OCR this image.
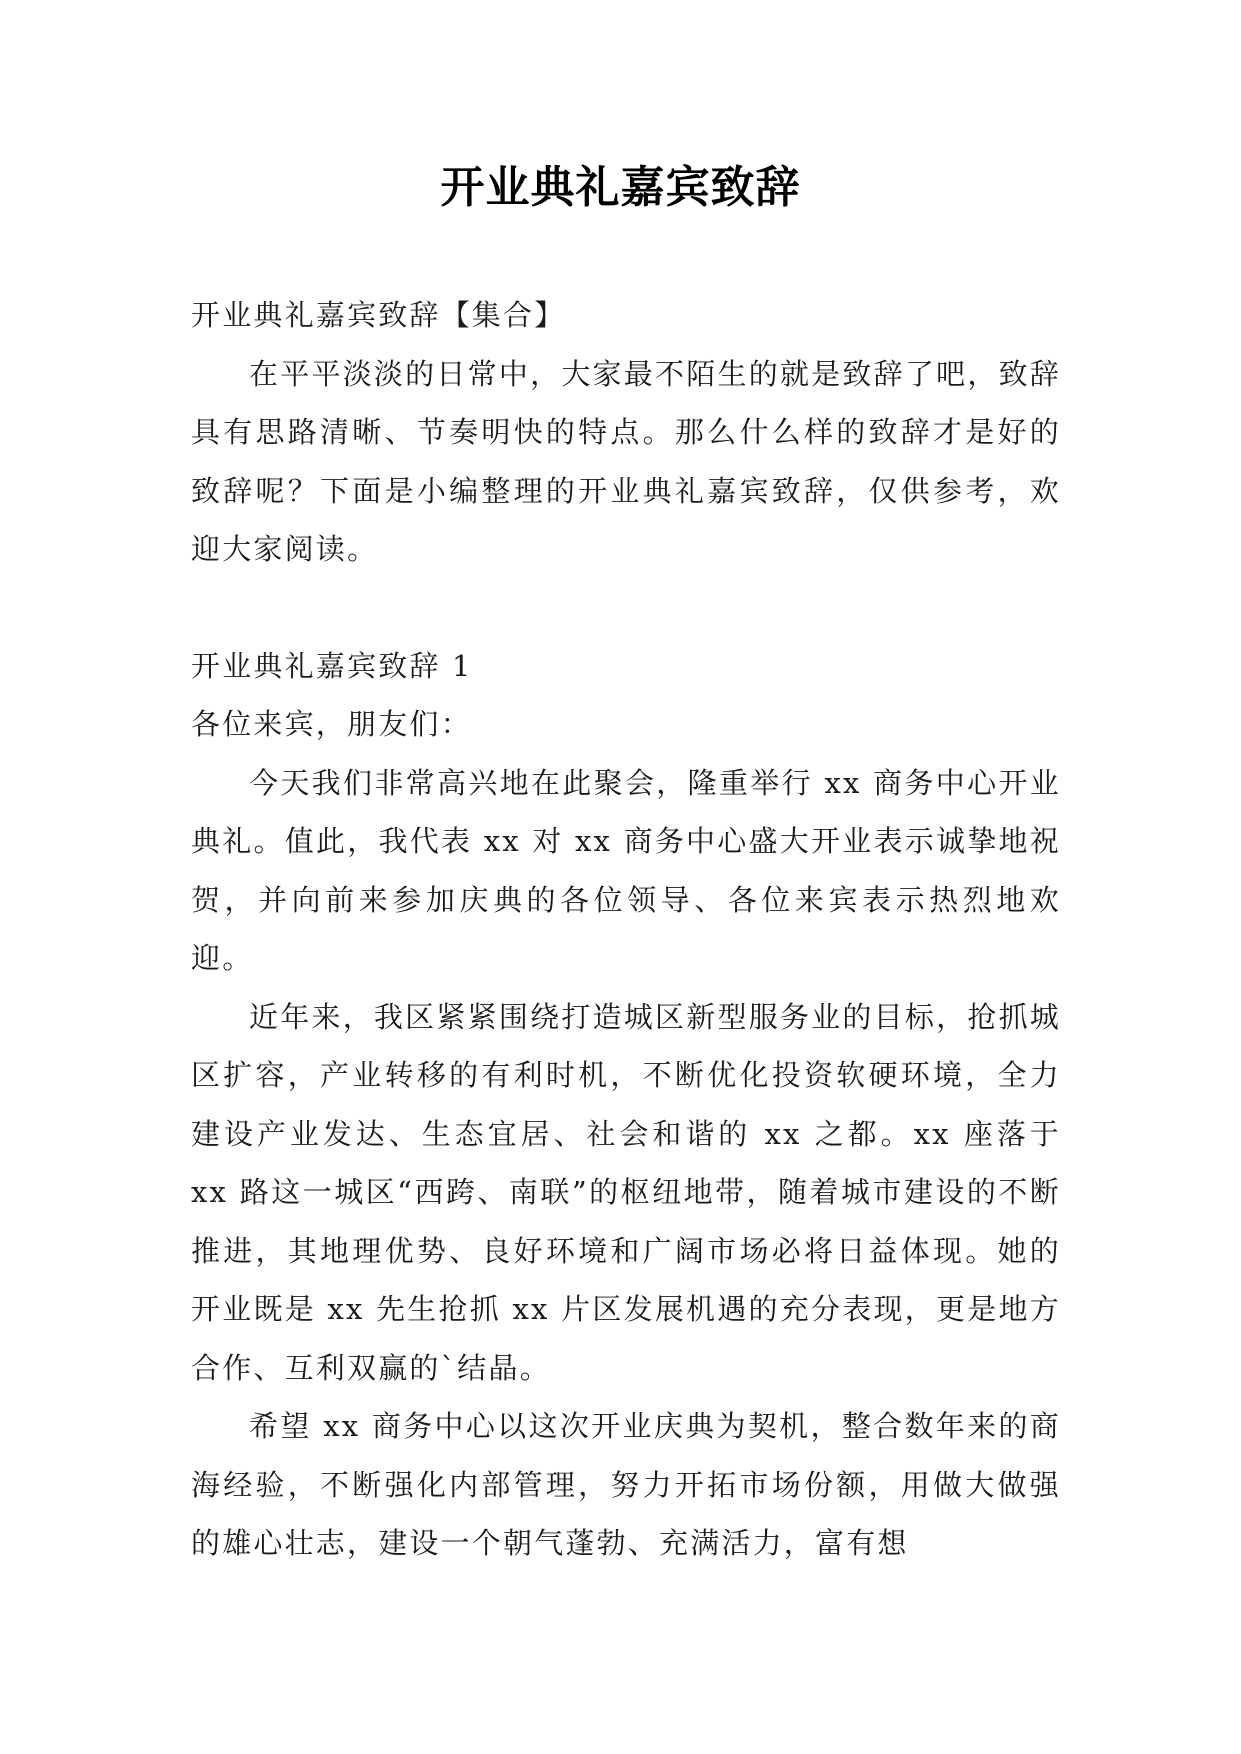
开业典礼嘉宾致辞

开业典礼嘉宾致辞【集合】

在平平淡淡的日常中，大家最不陌生的就是致辞了吧，致辞具有思路清晰、节奏明快的特点。那么什么样的致辞才是好的致辞呢？下面是小编整理的开业典礼嘉宾致辞，仅供参考，欢迎大家阅读。

开业典礼嘉宾致辞 1

各位来宾，朋友们：

今天我们非常高兴地在此聚会，隆重举行 xx 商务中心开业典礼。值此，我代表 xx 对 xx 商务中心盛大开业表示诚挚地祝贺，并向前来参加庆典的各位领导、各位来宾表示热烈地欢迎。

近年来，我区紧紧围绕打造城区新型服务业的目标，抢抓城区扩容，产业转移的有利时机，不断优化投资软硬环境，全力建设产业发达、生态宜居、社会和谐的 xx 之都。xx 座落于 xx 路这一城区“西跨、南联”的枢纽地带，随着城市建设的不断推进，其地理优势、良好环境和广阔市场必将日益体现。她的开业既是 xx 先生抢抓 xx 片区发展机遇的充分表现，更是地方合作、互利双赢的`结晶。

希望 xx 商务中心以这次开业庆典为契机，整合数年来的商海经验，不断强化内部管理，努力开拓市场份额，用做大做强的雄心壮志，建设一个朝气蓬勃、充满活力，富有想
